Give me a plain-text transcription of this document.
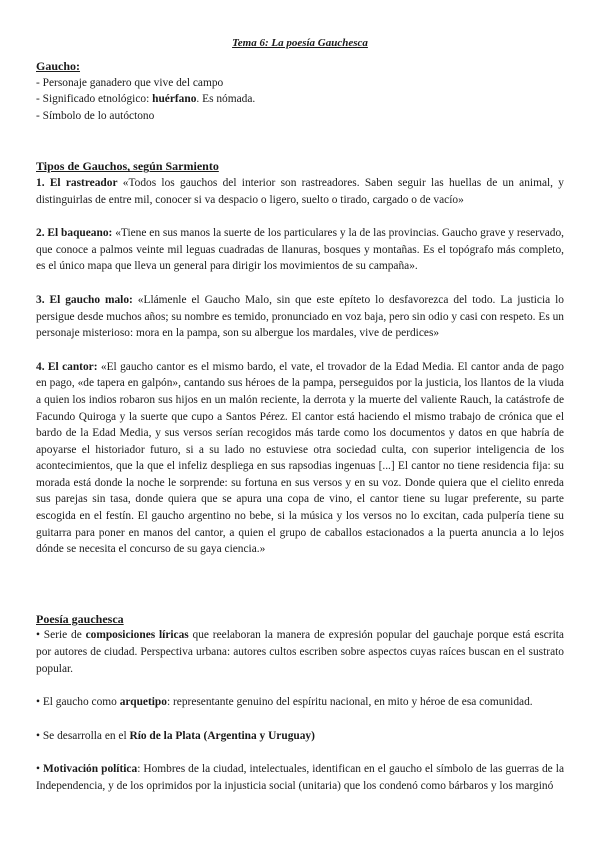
Tema 6: La poesía Gauchesca
Gaucho:
- Personaje ganadero que vive del campo
- Significado etnológico: huérfano. Es nómada.
- Símbolo de lo autóctono
Tipos de Gauchos, según Sarmiento
1. El rastreador «Todos los gauchos del interior son rastreadores. Saben seguir las huellas de un animal, y distinguirlas de entre mil, conocer si va despacio o ligero, suelto o tirado, cargado o de vacío»
2. El baqueano: «Tiene en sus manos la suerte de los particulares y la de las provincias. Gaucho grave y reservado, que conoce a palmos veinte mil leguas cuadradas de llanuras, bosques y montañas. Es el topógrafo más completo, es el único mapa que lleva un general para dirigir los movimientos de su campaña».
3. El gaucho malo: «Llámenle el Gaucho Malo, sin que este epíteto lo desfavorezca del todo. La justicia lo persigue desde muchos años; su nombre es temido, pronunciado en voz baja, pero sin odio y casi con respeto. Es un personaje misterioso: mora en la pampa, son su albergue los mardales, vive de perdices»
4. El cantor: «El gaucho cantor es el mismo bardo, el vate, el trovador de la Edad Media. El cantor anda de pago en pago, «de tapera en galpón», cantando sus héroes de la pampa, perseguidos por la justicia, los llantos de la viuda a quien los indios robaron sus hijos en un malón reciente, la derrota y la muerte del valiente Rauch, la catástrofe de Facundo Quiroga y la suerte que cupo a Santos Pérez. El cantor está haciendo el mismo trabajo de crónica que el bardo de la Edad Media, y sus versos serían recogidos más tarde como los documentos y datos en que habría de apoyarse el historiador futuro, si a su lado no estuviese otra sociedad culta, con superior inteligencia de los acontecimientos, que la que el infeliz despliega en sus rapsodias ingenuas [...] El cantor no tiene residencia fija: su morada está donde la noche le sorprende: su fortuna en sus versos y en su voz. Donde quiera que el cielito enreda sus parejas sin tasa, donde quiera que se apura una copa de vino, el cantor tiene su lugar preferente, su parte escogida en el festín. El gaucho argentino no bebe, si la música y los versos no lo excitan, cada pulpería tiene su guitarra para poner en manos del cantor, a quien el grupo de caballos estacionados a la puerta anuncia a lo lejos dónde se necesita el concurso de su gaya ciencia.»
Poesía gauchesca
• Serie de composiciones líricas que reelaboran la manera de expresión popular del gauchaje porque está escrita por autores de ciudad. Perspectiva urbana: autores cultos escriben sobre aspectos cuyas raíces buscan en el sustrato popular.
• El gaucho como arquetipo: representante genuino del espíritu nacional, en mito y héroe de esa comunidad.
• Se desarrolla en el Río de la Plata (Argentina y Uruguay)
• Motivación política: Hombres de la ciudad, intelectuales, identifican en el gaucho el símbolo de las guerras de la Independencia, y de los oprimidos por la injusticia social (unitaria) que los condenó como bárbaros y los marginó
